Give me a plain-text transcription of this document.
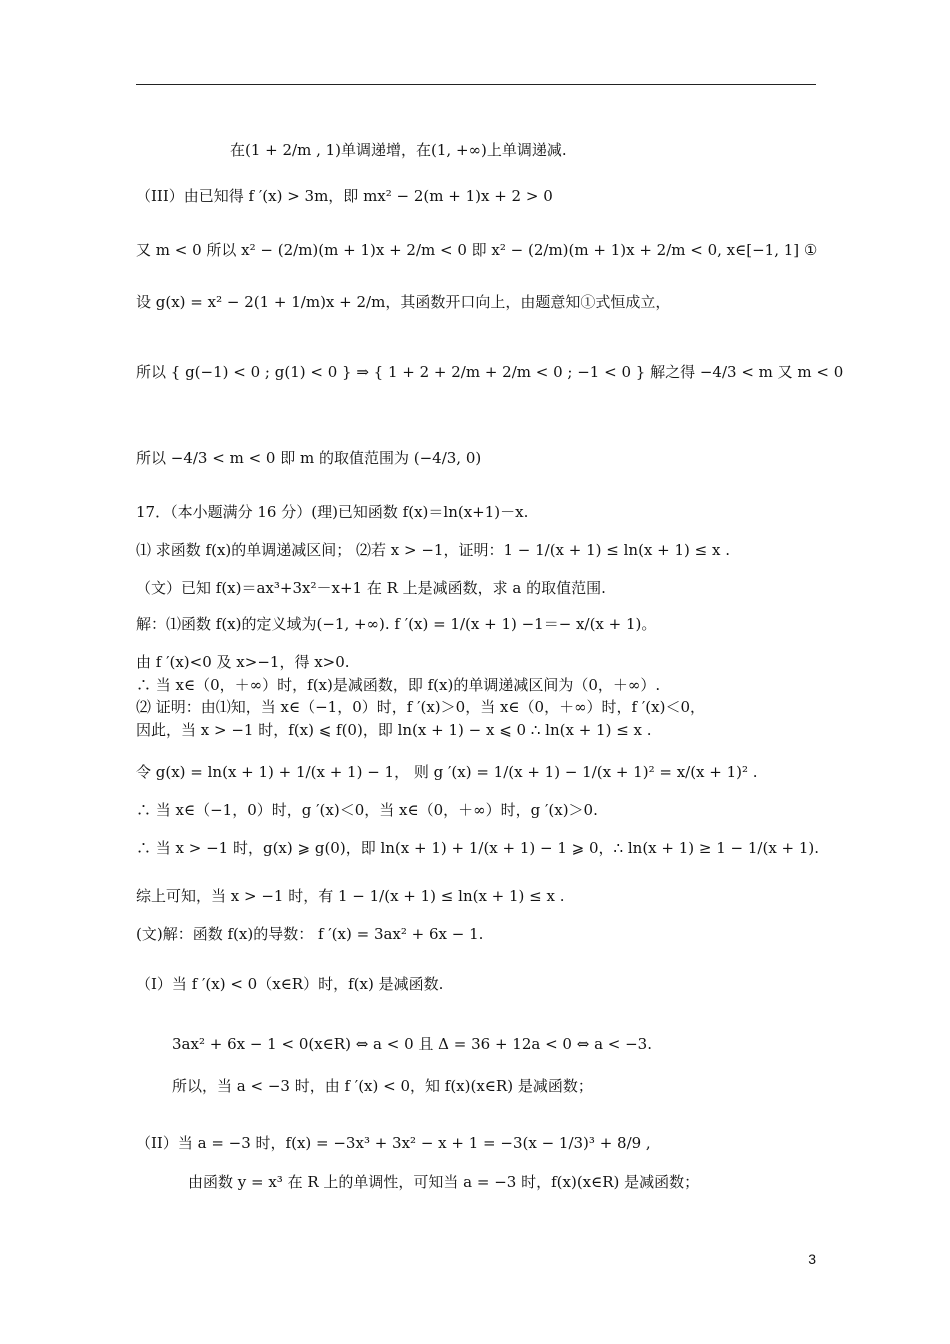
在(1 + 2/m , 1)单调递增，在(1, +∞)上单调递减.
（III）由已知得 f ′(x) > 3m，即 mx² − 2(m + 1)x + 2 > 0
又 m < 0 所以 x² − (2/m)(m + 1)x + 2/m < 0 即 x² − (2/m)(m + 1)x + 2/m < 0, x∈[−1, 1] ①
设 g(x) = x² − 2(1 + 1/m)x + 2/m，其函数开口向上，由题意知①式恒成立，
所以 { g(−1) < 0 ; g(1) < 0 } ⇒ { 1 + 2 + 2/m + 2/m < 0 ; −1 < 0 } 解之得 −4/3 < m 又 m < 0
所以 −4/3 < m < 0 即 m 的取值范围为 (−4/3, 0)
17．（本小题满分 16 分）(理)已知函数 f(x)＝ln(x+1)－x.
⑴ 求函数 f(x)的单调递减区间； ⑵若 x > −1，证明：1 − 1/(x + 1) ≤ ln(x + 1) ≤ x .
（文）已知 f(x)＝ax³+3x²－x+1 在 R 上是减函数，求 a 的取值范围.
解：⑴函数 f(x)的定义域为(−1, +∞). f ′(x) = 1/(x + 1) −1＝− x/(x + 1)。
由 f ′(x)<0 及 x>−1，得 x>0.
∴ 当 x∈（0，＋∞）时，f(x)是减函数，即 f(x)的单调递减区间为（0，＋∞）.
⑵ 证明：由⑴知，当 x∈（−1，0）时，f ′(x)＞0，当 x∈（0，＋∞）时，f ′(x)＜0，
因此，当 x > −1 时，f(x) ⩽ f(0)，即 ln(x + 1) − x ⩽ 0 ∴ ln(x + 1) ≤ x .
令 g(x) = ln(x + 1) + 1/(x + 1) − 1， 则 g ′(x) = 1/(x + 1) − 1/(x + 1)² = x/(x + 1)² .
∴ 当 x∈（−1，0）时，g ′(x)＜0，当 x∈（0，＋∞）时，g ′(x)＞0.
∴ 当 x > −1 时，g(x) ⩾ g(0)，即 ln(x + 1) + 1/(x + 1) − 1 ⩾ 0，∴ ln(x + 1) ≥ 1 − 1/(x + 1).
综上可知，当 x > −1 时，有 1 − 1/(x + 1) ≤ ln(x + 1) ≤ x .
(文)解：函数 f(x)的导数： f ′(x) = 3ax² + 6x − 1.
（Ⅰ）当 f ′(x) < 0（x∈R）时，f(x) 是减函数.
3ax² + 6x − 1 < 0(x∈R) ⇔ a < 0 且 Δ = 36 + 12a < 0 ⇔ a < −3.
所以，当 a < −3 时，由 f ′(x) < 0，知 f(x)(x∈R) 是减函数；
（II）当 a = −3 时，f(x) = −3x³ + 3x² − x + 1 = −3(x − 1/3)³ + 8/9 ,
由函数 y = x³ 在 R 上的单调性，可知当 a = −3 时，f(x)(x∈R) 是减函数；
3
